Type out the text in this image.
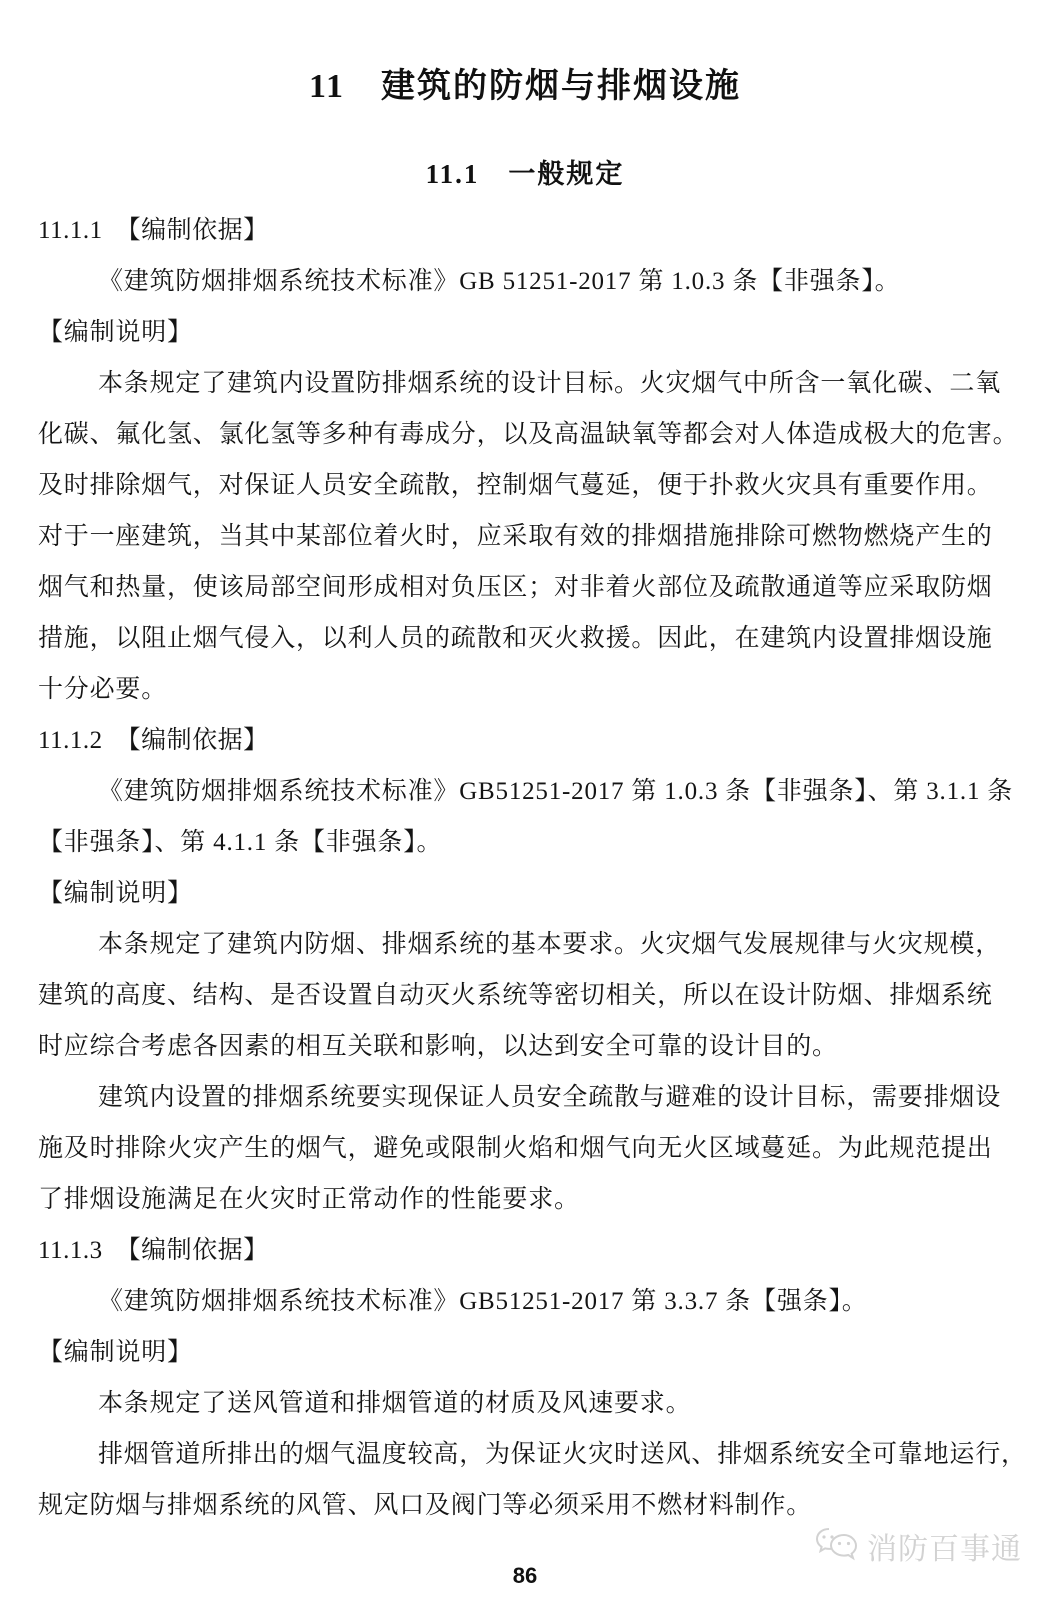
11　建筑的防烟与排烟设施
11.1　一般规定
11.1.1　【编制依据】
《建筑防烟排烟系统技术标准》GB 51251-2017 第 1.0.3 条【非强条】。
【编制说明】
本条规定了建筑内设置防排烟系统的设计目标。火灾烟气中所含一氧化碳、二氧
化碳、氟化氢、氯化氢等多种有毒成分，以及高温缺氧等都会对人体造成极大的危害。
及时排除烟气，对保证人员安全疏散，控制烟气蔓延，便于扑救火灾具有重要作用。
对于一座建筑，当其中某部位着火时，应采取有效的排烟措施排除可燃物燃烧产生的
烟气和热量，使该局部空间形成相对负压区；对非着火部位及疏散通道等应采取防烟
措施，以阻止烟气侵入，以利人员的疏散和灭火救援。因此，在建筑内设置排烟设施
十分必要。
11.1.2　【编制依据】
《建筑防烟排烟系统技术标准》GB51251-2017 第 1.0.3 条【非强条】、第 3.1.1 条
【非强条】、第 4.1.1 条【非强条】。
【编制说明】
本条规定了建筑内防烟、排烟系统的基本要求。火灾烟气发展规律与火灾规模，
建筑的高度、结构、是否设置自动灭火系统等密切相关，所以在设计防烟、排烟系统
时应综合考虑各因素的相互关联和影响，以达到安全可靠的设计目的。
建筑内设置的排烟系统要实现保证人员安全疏散与避难的设计目标，需要排烟设
施及时排除火灾产生的烟气，避免或限制火焰和烟气向无火区域蔓延。为此规范提出
了排烟设施满足在火灾时正常动作的性能要求。
11.1.3　【编制依据】
《建筑防烟排烟系统技术标准》GB51251-2017 第 3.3.7 条【强条】。
【编制说明】
本条规定了送风管道和排烟管道的材质及风速要求。
排烟管道所排出的烟气温度较高，为保证火灾时送风、排烟系统安全可靠地运行，
规定防烟与排烟系统的风管、风口及阀门等必须采用不燃材料制作。
消防百事通
86
